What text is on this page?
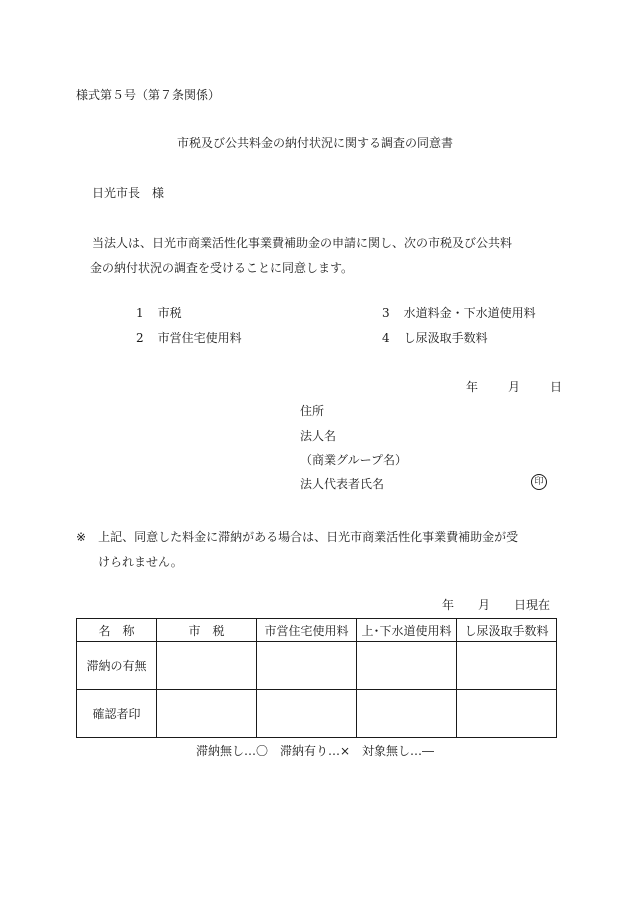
様式第５号（第７条関係）
市税及び公共料金の納付状況に関する調査の同意書
日光市長　様

当法人は、日光市商業活性化事業費補助金の申請に関し、次の市税及び公共料

金の納付状況の調査を受けることに同意します。

1 市税
2 市営住宅使用料
3 水道料金・下水道使用料
4 し尿汲取手数料
年	月	日
住所
法人名
（商業グループ名）
法人代表者氏名	印
※ 上記、同意した料金に滞納がある場合は、日光市商業活性化事業費補助金が受
けられません。
年 月 日現在
名　称	市　税	市営住宅使用料	上･下水道使用料	し尿汲取手数料
滞納の有無				
確認者印				
滞納無し…〇　滞納有り…×　対象無し…―
